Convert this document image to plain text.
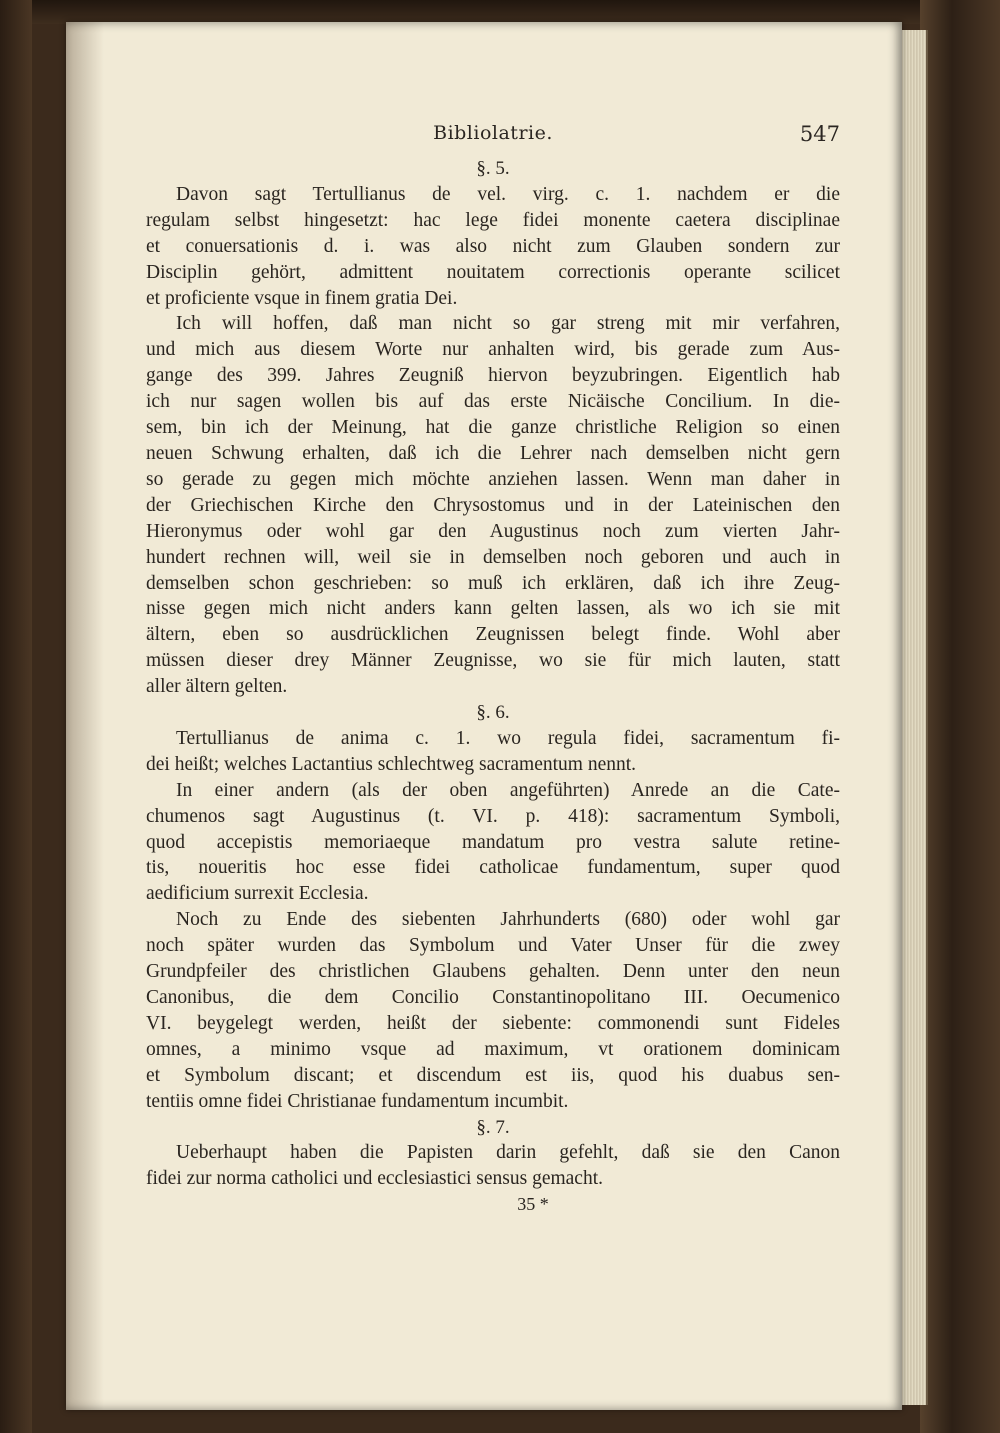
Bibliolatrie.	547
§. 5.
Davon sagt Tertullianus de vel. virg. c. 1. nachdem er die
regulam selbst hingesetzt: hac lege fidei monente caetera disciplinae
et conuersationis d. i. was also nicht zum Glauben sondern zur
Disciplin gehört, admittent nouitatem correctionis operante scilicet
et proficiente vsque in finem gratia Dei.
Ich will hoffen, daß man nicht so gar streng mit mir verfahren,
und mich aus diesem Worte nur anhalten wird, bis gerade zum Aus-
gange des 399. Jahres Zeugniß hiervon beyzubringen. Eigentlich hab
ich nur sagen wollen bis auf das erste Nicäische Concilium. In die-
sem, bin ich der Meinung, hat die ganze christliche Religion so einen
neuen Schwung erhalten, daß ich die Lehrer nach demselben nicht gern
so gerade zu gegen mich möchte anziehen lassen. Wenn man daher in
der Griechischen Kirche den Chrysostomus und in der Lateinischen den
Hieronymus oder wohl gar den Augustinus noch zum vierten Jahr-
hundert rechnen will, weil sie in demselben noch geboren und auch in
demselben schon geschrieben: so muß ich erklären, daß ich ihre Zeug-
nisse gegen mich nicht anders kann gelten lassen, als wo ich sie mit
ältern, eben so ausdrücklichen Zeugnissen belegt finde. Wohl aber
müssen dieser drey Männer Zeugnisse, wo sie für mich lauten, statt
aller ältern gelten.
§. 6.
Tertullianus de anima c. 1. wo regula fidei, sacramentum fi-
dei heißt; welches Lactantius schlechtweg sacramentum nennt.
In einer andern (als der oben angeführten) Anrede an die Cate-
chumenos sagt Augustinus (t. VI. p. 418): sacramentum Symboli,
quod accepistis memoriaeque mandatum pro vestra salute retine-
tis, noueritis hoc esse fidei catholicae fundamentum, super quod
aedificium surrexit Ecclesia.
Noch zu Ende des siebenten Jahrhunderts (680) oder wohl gar
noch später wurden das Symbolum und Vater Unser für die zwey
Grundpfeiler des christlichen Glaubens gehalten. Denn unter den neun
Canonibus, die dem Concilio Constantinopolitano III. Oecumenico
VI. beygelegt werden, heißt der siebente: commonendi sunt Fideles
omnes, a minimo vsque ad maximum, vt orationem dominicam
et Symbolum discant; et discendum est iis, quod his duabus sen-
tentiis omne fidei Christianae fundamentum incumbit.
§. 7.
Ueberhaupt haben die Papisten darin gefehlt, daß sie den Canon
fidei zur norma catholici und ecclesiastici sensus gemacht.
35 *
